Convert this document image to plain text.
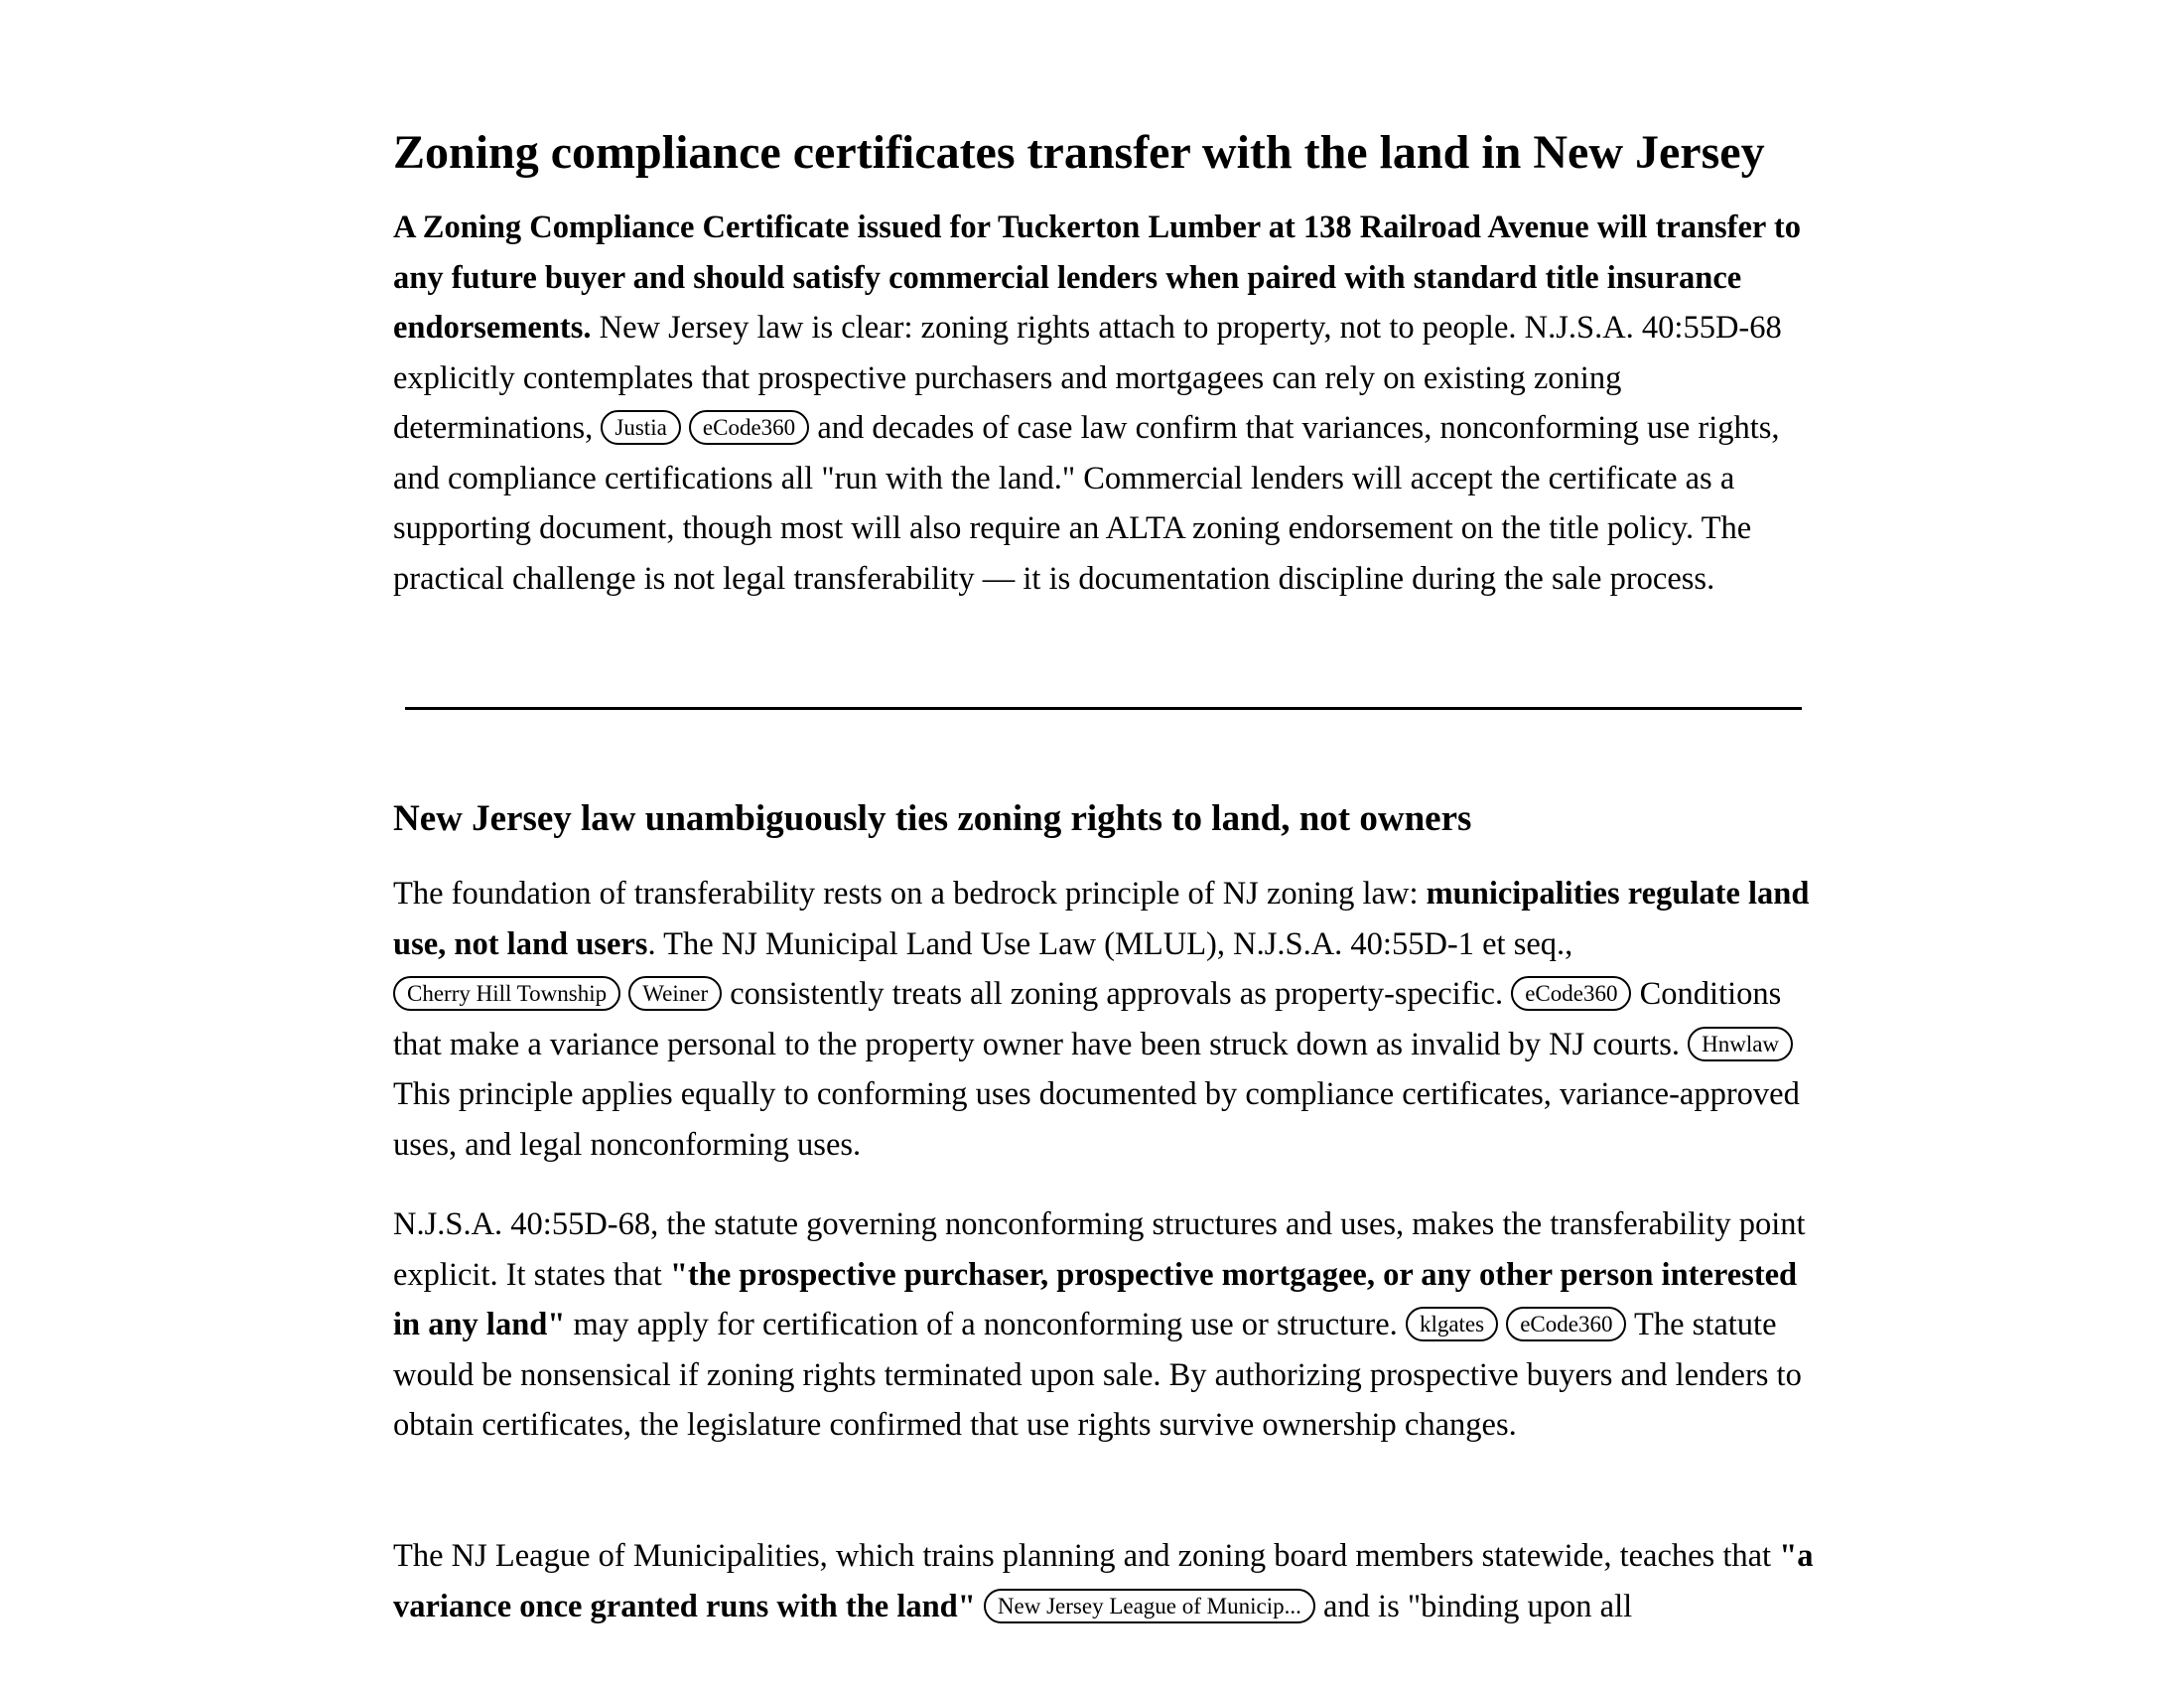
Zoning compliance certificates transfer with the land in New Jersey

A Zoning Compliance Certificate issued for Tuckerton Lumber at 138 Railroad Avenue will transfer to any future buyer and should satisfy commercial lenders when paired with standard title insurance endorsements. New Jersey law is clear: zoning rights attach to property, not to people. N.J.S.A. 40:55D-68 explicitly contemplates that prospective purchasers and mortgagees can rely on existing zoning determinations, Justia eCode360 and decades of case law confirm that variances, nonconforming use rights, and compliance certifications all "run with the land." Commercial lenders will accept the certificate as a supporting document, though most will also require an ALTA zoning endorsement on the title policy. The practical challenge is not legal transferability — it is documentation discipline during the sale process.

New Jersey law unambiguously ties zoning rights to land, not owners

The foundation of transferability rests on a bedrock principle of NJ zoning law: municipalities regulate land use, not land users. The NJ Municipal Land Use Law (MLUL), N.J.S.A. 40:55D-1 et seq.,
Cherry Hill Township Weiner consistently treats all zoning approvals as property-specific. eCode360 Conditions that make a variance personal to the property owner have been struck down as invalid by NJ courts. Hnwlaw This principle applies equally to conforming uses documented by compliance certificates, variance-approved uses, and legal nonconforming uses.

N.J.S.A. 40:55D-68, the statute governing nonconforming structures and uses, makes the transferability point explicit. It states that "the prospective purchaser, prospective mortgagee, or any other person interested in any land" may apply for certification of a nonconforming use or structure. klgates eCode360 The statute would be nonsensical if zoning rights terminated upon sale. By authorizing prospective buyers and lenders to obtain certificates, the legislature confirmed that use rights survive ownership changes.

The NJ League of Municipalities, which trains planning and zoning board members statewide, teaches that "a variance once granted runs with the land" New Jersey League of Municip... and is "binding upon all
